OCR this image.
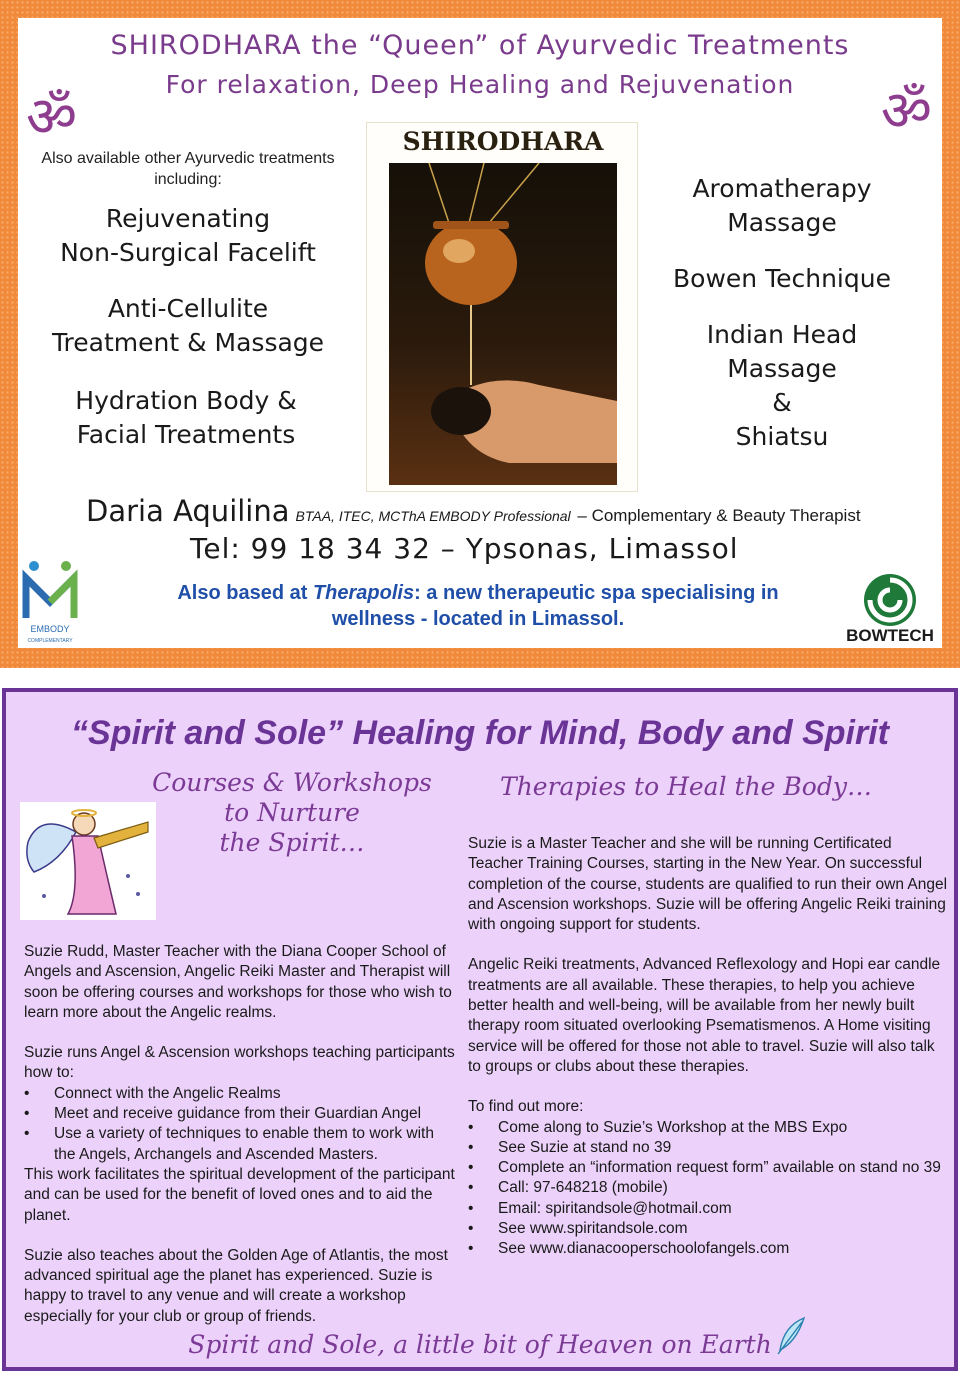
SHIRODHARA the “Queen” of Ayurvedic Treatments
For relaxation, Deep Healing and Rejuvenation
ॐ	ॐ
Also available other Ayurvedic treatments including:
Rejuvenating
Non-Surgical Facelift
Anti-Cellulite
Treatment & Massage
Hydration Body &
Facial Treatments
SHIRODHARA
Aromatherapy
Massage
Bowen Technique
Indian Head
Massage
&
Shiatsu
Daria Aquilina BTAA, ITEC, MCThA EMBODY Professional – Complementary & Beauty Therapist
Tel: 99 18 34 32 – Ypsonas, Limassol
Also based at Therapolis: a new therapeutic spa specialising in
wellness - located in Limassol.
EMBODY
COMPLEMENTARY	BOWTECH
“Spirit and Sole” Healing for Mind, Body and Spirit
Courses & Workshops
to Nurture
the Spirit…
Therapies to Heal the Body…

Suzie Rudd, Master Teacher with the Diana Cooper School of Angels and Ascension, Angelic Reiki Master and Therapist will soon be offering courses and workshops for those who wish to learn more about the Angelic realms.

Suzie runs Angel & Ascension workshops teaching participants how to:

• Connect with the Angelic Realms
• Meet and receive guidance from their Guardian Angel
• Use a variety of techniques to enable them to work with the Angels, Archangels and Ascended Masters.

This work facilitates the spiritual development of the participant and can be used for the benefit of loved ones and to aid the planet.

Suzie also teaches about the Golden Age of Atlantis, the most advanced spiritual age the planet has experienced. Suzie is happy to travel to any venue and will create a workshop especially for your club or group of friends.

Suzie is a Master Teacher and she will be running Certificated Teacher Training Courses, starting in the New Year. On successful completion of the course, students are qualified to run their own Angel and Ascension workshops. Suzie will be offering Angelic Reiki training with ongoing support for students.

Angelic Reiki treatments, Advanced Reflexology and Hopi ear candle treatments are all available. These therapies, to help you achieve better health and well-being, will be available from her newly built therapy room situated overlooking Psematismenos. A Home visiting service will be offered for those not able to travel. Suzie will also talk to groups or clubs about these therapies.

To find out more:

• Come along to Suzie’s Workshop at the MBS Expo
• See Suzie at stand no 39
• Complete an “information request form” available on stand no 39
• Call: 97-648218 (mobile)
• Email: spiritandsole@hotmail.com
• See www.spiritandsole.com
• See www.dianacooperschoolofangels.com
Spirit and Sole, a little bit of Heaven on Earth
